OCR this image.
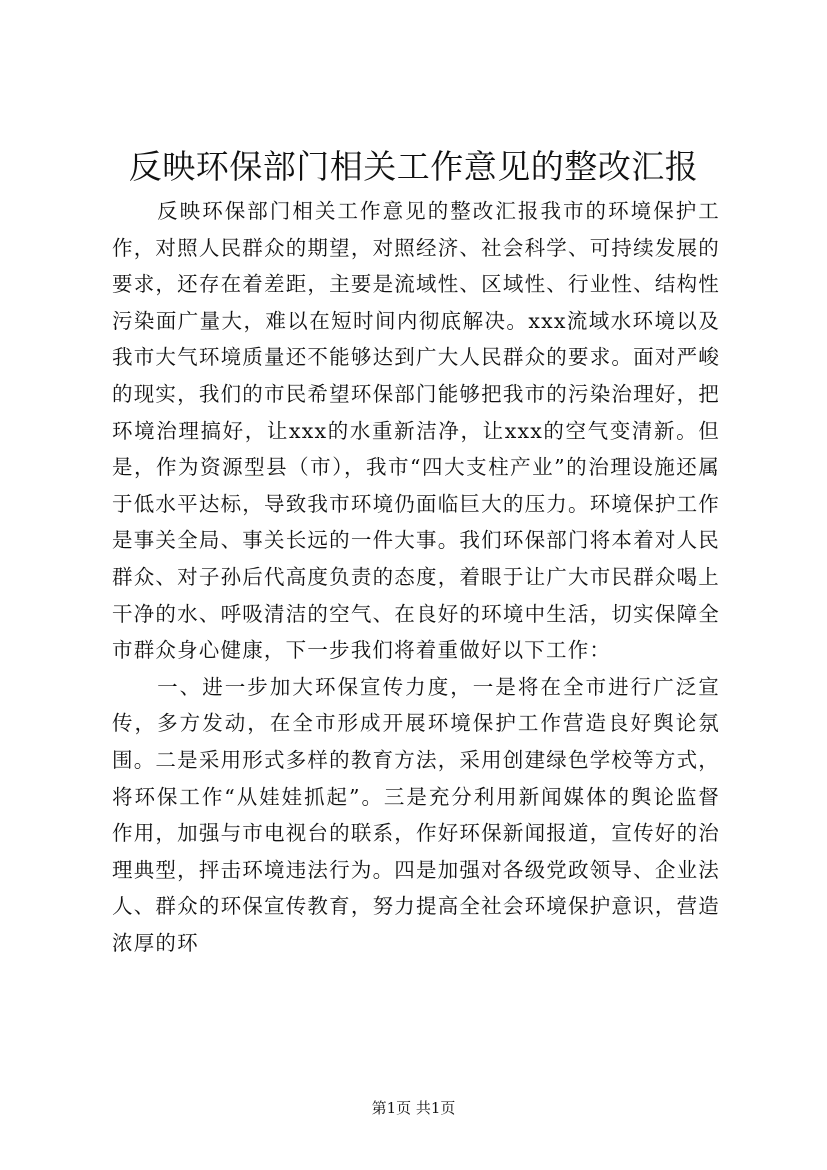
反映环保部门相关工作意见的整改汇报

反映环保部门相关工作意见的整改汇报我市的环境保护工作，对照人民群众的期望，对照经济、社会科学、可持续发展的要求，还存在着差距，主要是流域性、区域性、行业性、结构性污染面广量大，难以在短时间内彻底解决。xxx流域水环境以及我市大气环境质量还不能够达到广大人民群众的要求。面对严峻的现实，我们的市民希望环保部门能够把我市的污染治理好，把环境治理搞好，让xxx的水重新洁净，让xxx的空气变清新。但是，作为资源型县（市），我市“四大支柱产业”的治理设施还属于低水平达标，导致我市环境仍面临巨大的压力。环境保护工作是事关全局、事关长远的一件大事。我们环保部门将本着对人民群众、对子孙后代高度负责的态度，着眼于让广大市民群众喝上干净的水、呼吸清洁的空气、在良好的环境中生活，切实保障全市群众身心健康，下一步我们将着重做好以下工作：

一、进一步加大环保宣传力度，一是将在全市进行广泛宣传，多方发动，在全市形成开展环境保护工作营造良好舆论氛围。二是采用形式多样的教育方法，采用创建绿色学校等方式，将环保工作“从娃娃抓起”。三是充分利用新闻媒体的舆论监督作用，加强与市电视台的联系，作好环保新闻报道，宣传好的治理典型，抨击环境违法行为。四是加强对各级党政领导、企业法人、群众的环保宣传教育，努力提高全社会环境保护意识，营造浓厚的环

第1页 共1页
